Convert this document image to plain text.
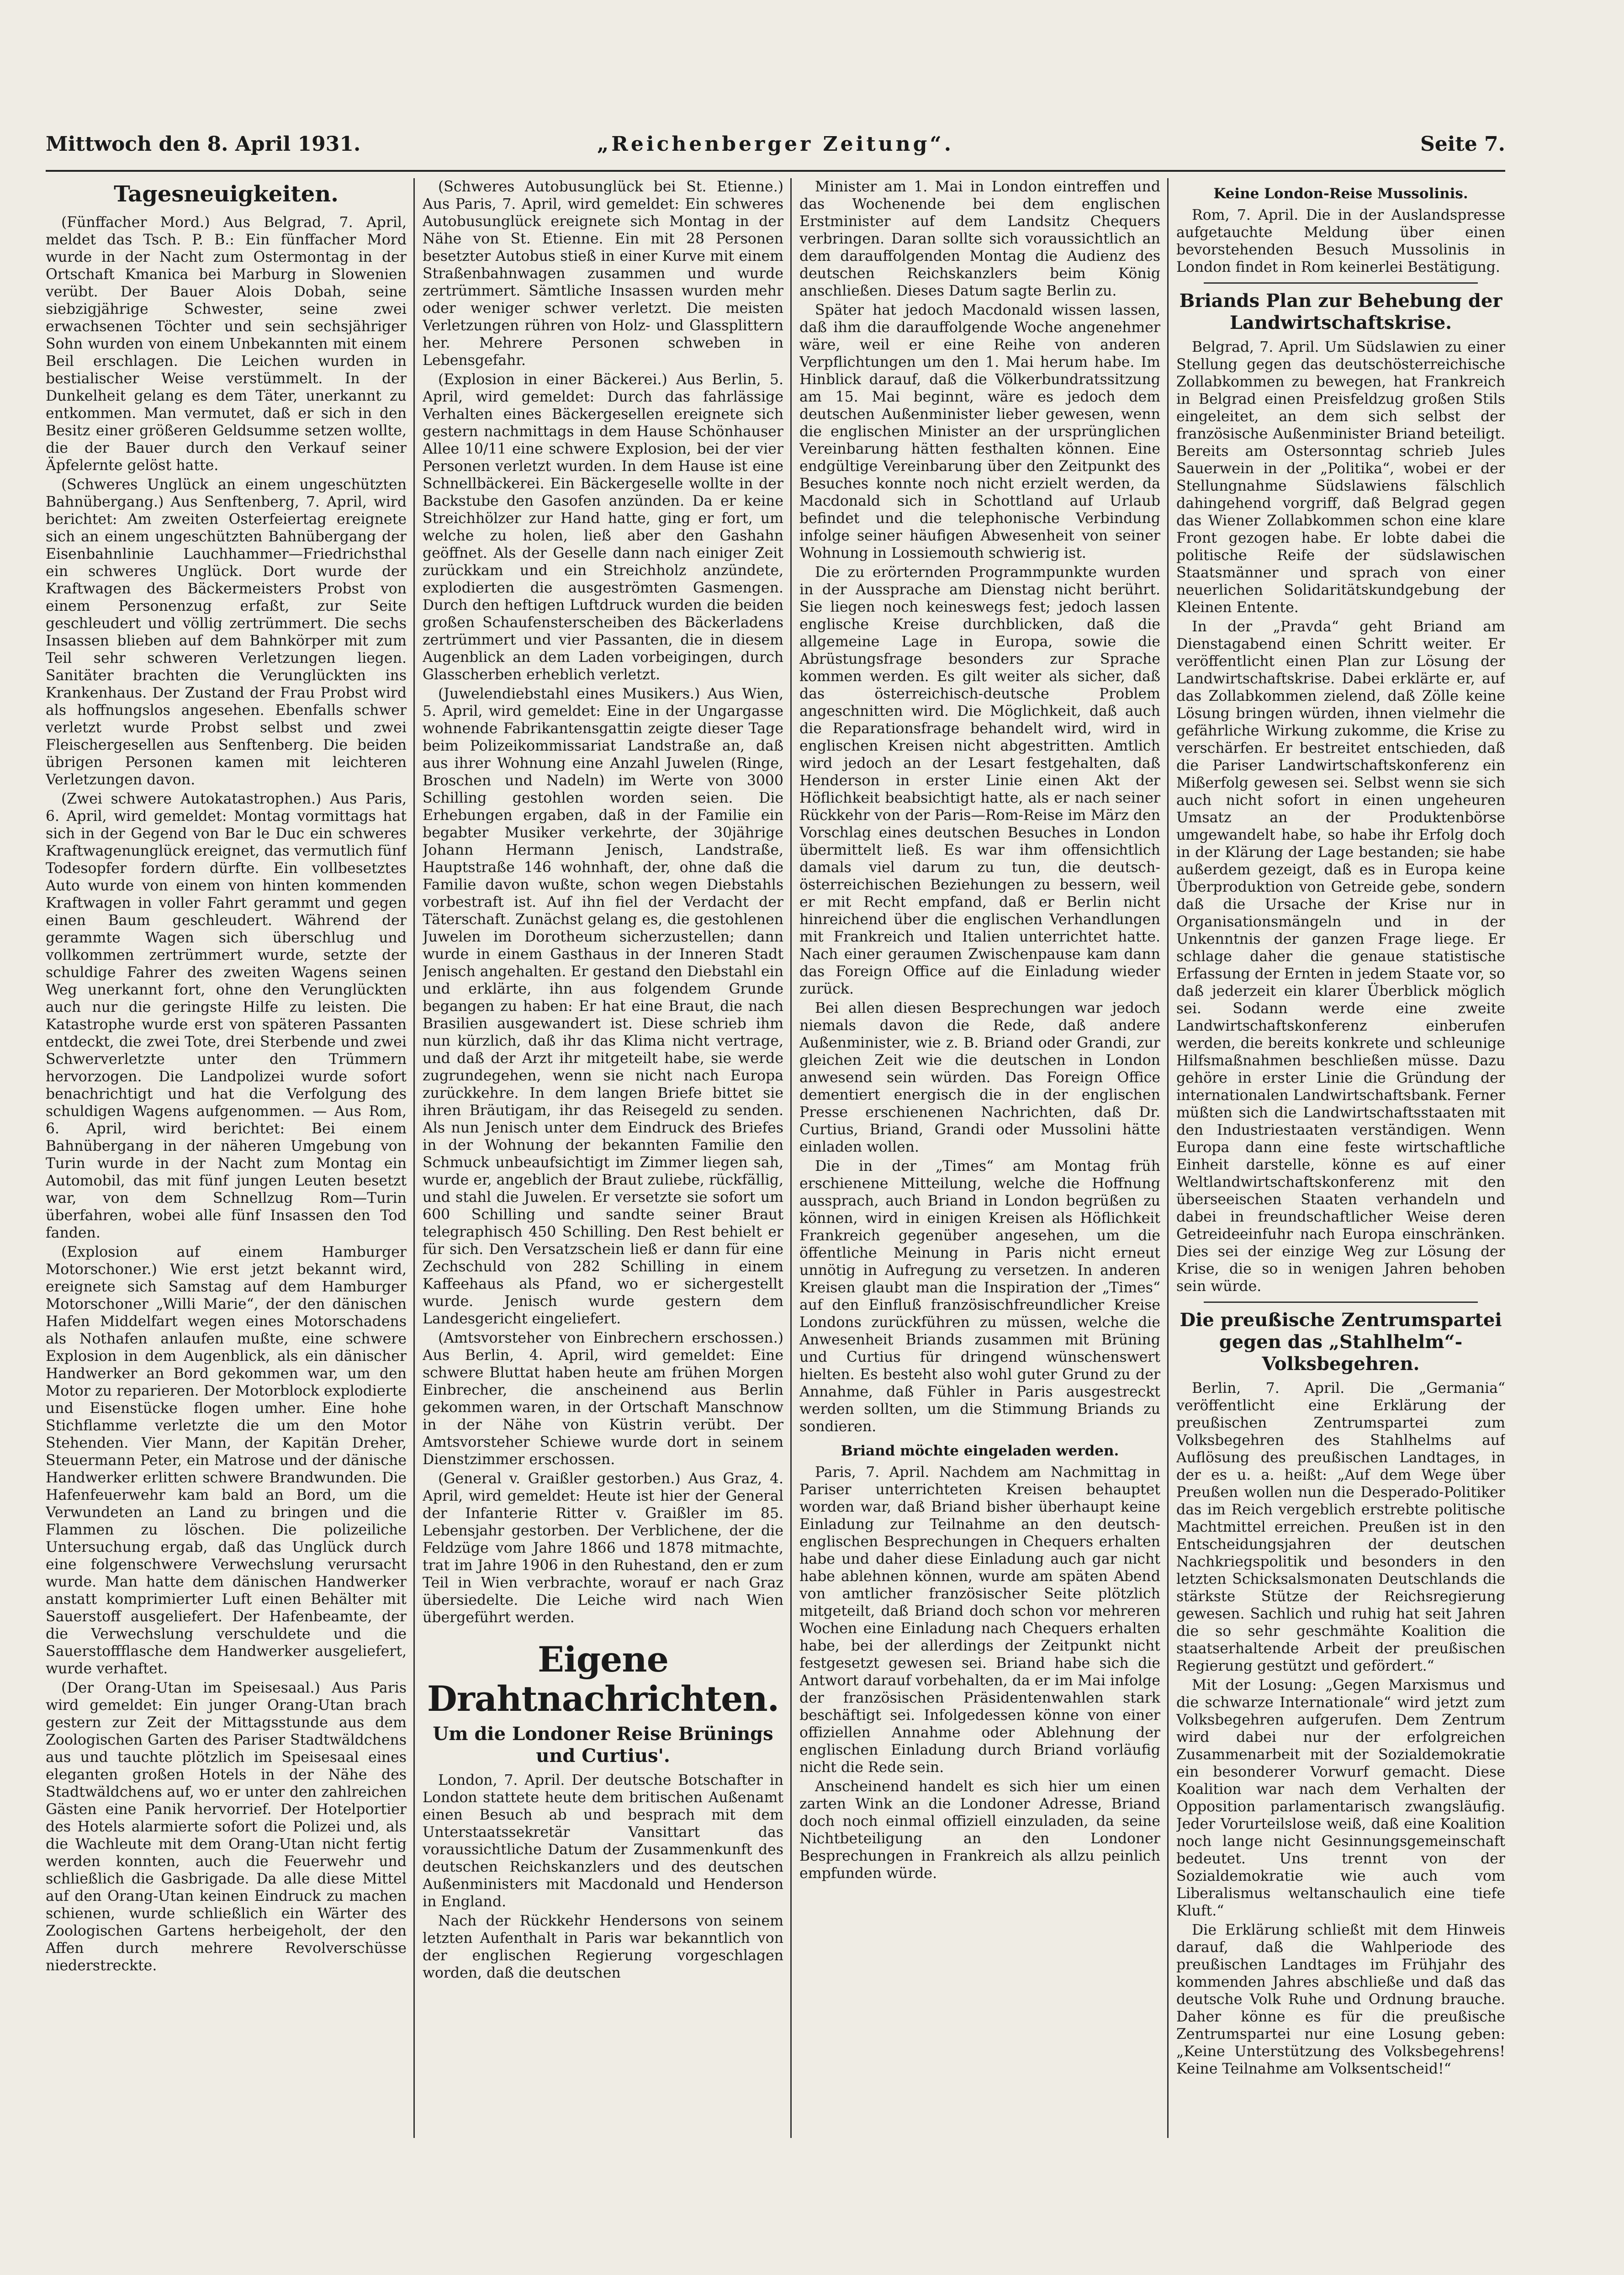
Mittwoch den 8. April 1931.	„Reichenberger Zeitung“.	Seite 7.
Tagesneuigkeiten.

(Fünffacher Mord.) Aus Belgrad, 7. April, meldet das Tsch. P. B.: Ein fünffacher Mord wurde in der Nacht zum Ostermontag in der Ortschaft Kmanica bei Marburg in Slowenien verübt. Der Bauer Alois Dobah, seine siebzigjährige Schwester, seine zwei erwachsenen Töchter und sein sechsjähriger Sohn wurden von einem Unbekannten mit einem Beil erschlagen. Die Leichen wurden in bestialischer Weise verstümmelt. In der Dunkelheit gelang es dem Täter, unerkannt zu entkommen. Man vermutet, daß er sich in den Besitz einer größeren Geldsumme setzen wollte, die der Bauer durch den Verkauf seiner Äpfelernte gelöst hatte.

(Schweres Unglück an einem ungeschützten Bahnübergang.) Aus Senftenberg, 7. April, wird berichtet: Am zweiten Osterfeiertag ereignete sich an einem ungeschützten Bahnübergang der Eisenbahnlinie Lauchhammer—Friedrichsthal ein schweres Unglück. Dort wurde der Kraftwagen des Bäckermeisters Probst von einem Personenzug erfaßt, zur Seite geschleudert und völlig zertrümmert. Die sechs Insassen blieben auf dem Bahnkörper mit zum Teil sehr schweren Verletzungen liegen. Sanitäter brachten die Verunglückten ins Krankenhaus. Der Zustand der Frau Probst wird als hoffnungslos angesehen. Ebenfalls schwer verletzt wurde Probst selbst und zwei Fleischergesellen aus Senftenberg. Die beiden übrigen Personen kamen mit leichteren Verletzungen davon.

(Zwei schwere Autokatastrophen.) Aus Paris, 6. April, wird gemeldet: Montag vormittags hat sich in der Gegend von Bar le Duc ein schweres Kraftwagenunglück ereignet, das vermutlich fünf Todesopfer fordern dürfte. Ein vollbesetztes Auto wurde von einem von hinten kommenden Kraftwagen in voller Fahrt gerammt und gegen einen Baum geschleudert. Während der gerammte Wagen sich überschlug und vollkommen zertrümmert wurde, setzte der schuldige Fahrer des zweiten Wagens seinen Weg unerkannt fort, ohne den Verunglückten auch nur die geringste Hilfe zu leisten. Die Katastrophe wurde erst von späteren Passanten entdeckt, die zwei Tote, drei Sterbende und zwei Schwerverletzte unter den Trümmern hervorzogen. Die Landpolizei wurde sofort benachrichtigt und hat die Verfolgung des schuldigen Wagens aufgenommen. — Aus Rom, 6. April, wird berichtet: Bei einem Bahnübergang in der näheren Umgebung von Turin wurde in der Nacht zum Montag ein Automobil, das mit fünf jungen Leuten besetzt war, von dem Schnellzug Rom—Turin überfahren, wobei alle fünf Insassen den Tod fanden.

(Explosion auf einem Hamburger Motorschoner.) Wie erst jetzt bekannt wird, ereignete sich Samstag auf dem Hamburger Motorschoner „Willi Marie“, der den dänischen Hafen Middelfart wegen eines Motorschadens als Nothafen anlaufen mußte, eine schwere Explosion in dem Augenblick, als ein dänischer Handwerker an Bord gekommen war, um den Motor zu reparieren. Der Motorblock explodierte und Eisenstücke flogen umher. Eine hohe Stichflamme verletzte die um den Motor Stehenden. Vier Mann, der Kapitän Dreher, Steuermann Peter, ein Matrose und der dänische Handwerker erlitten schwere Brandwunden. Die Hafenfeuerwehr kam bald an Bord, um die Verwundeten an Land zu bringen und die Flammen zu löschen. Die polizeiliche Untersuchung ergab, daß das Unglück durch eine folgenschwere Verwechslung verursacht wurde. Man hatte dem dänischen Handwerker anstatt komprimierter Luft einen Behälter mit Sauerstoff ausgeliefert. Der Hafenbeamte, der die Verwechslung verschuldete und die Sauerstoffflasche dem Handwerker ausgeliefert, wurde verhaftet.

(Der Orang-Utan im Speisesaal.) Aus Paris wird gemeldet: Ein junger Orang-Utan brach gestern zur Zeit der Mittagsstunde aus dem Zoologischen Garten des Pariser Stadtwäldchens aus und tauchte plötzlich im Speisesaal eines eleganten großen Hotels in der Nähe des Stadtwäldchens auf, wo er unter den zahlreichen Gästen eine Panik hervorrief. Der Hotelportier des Hotels alarmierte sofort die Polizei und, als die Wachleute mit dem Orang-Utan nicht fertig werden konnten, auch die Feuerwehr und schließlich die Gasbrigade. Da alle diese Mittel auf den Orang-Utan keinen Eindruck zu machen schienen, wurde schließlich ein Wärter des Zoologischen Gartens herbeigeholt, der den Affen durch mehrere Revolverschüsse niederstreckte.

(Schweres Autobusunglück bei St. Etienne.) Aus Paris, 7. April, wird gemeldet: Ein schweres Autobusunglück ereignete sich Montag in der Nähe von St. Etienne. Ein mit 28 Personen besetzter Autobus stieß in einer Kurve mit einem Straßenbahnwagen zusammen und wurde zertrümmert. Sämtliche Insassen wurden mehr oder weniger schwer verletzt. Die meisten Verletzungen rühren von Holz- und Glassplittern her. Mehrere Personen schweben in Lebensgefahr.

(Explosion in einer Bäckerei.) Aus Berlin, 5. April, wird gemeldet: Durch das fahrlässige Verhalten eines Bäckergesellen ereignete sich gestern nachmittags in dem Hause Schönhauser Allee 10/11 eine schwere Explosion, bei der vier Personen verletzt wurden. In dem Hause ist eine Schnellbäckerei. Ein Bäckergeselle wollte in der Backstube den Gasofen anzünden. Da er keine Streichhölzer zur Hand hatte, ging er fort, um welche zu holen, ließ aber den Gashahn geöffnet. Als der Geselle dann nach einiger Zeit zurückkam und ein Streichholz anzündete, explodierten die ausgeströmten Gasmengen. Durch den heftigen Luftdruck wurden die beiden großen Schaufensterscheiben des Bäckerladens zertrümmert und vier Passanten, die in diesem Augenblick an dem Laden vorbeigingen, durch Glasscherben erheblich verletzt.

(Juwelendiebstahl eines Musikers.) Aus Wien, 5. April, wird gemeldet: Eine in der Ungargasse wohnende Fabrikantensgattin zeigte dieser Tage beim Polizeikommissariat Landstraße an, daß aus ihrer Wohnung eine Anzahl Juwelen (Ringe, Broschen und Nadeln) im Werte von 3000 Schilling gestohlen worden seien. Die Erhebungen ergaben, daß in der Familie ein begabter Musiker verkehrte, der 30jährige Johann Hermann Jenisch, Landstraße, Hauptstraße 146 wohnhaft, der, ohne daß die Familie davon wußte, schon wegen Diebstahls vorbestraft ist. Auf ihn fiel der Verdacht der Täterschaft. Zunächst gelang es, die gestohlenen Juwelen im Dorotheum sicherzustellen; dann wurde in einem Gasthaus in der Inneren Stadt Jenisch angehalten. Er gestand den Diebstahl ein und erklärte, ihn aus folgendem Grunde begangen zu haben: Er hat eine Braut, die nach Brasilien ausgewandert ist. Diese schrieb ihm nun kürzlich, daß ihr das Klima nicht vertrage, und daß der Arzt ihr mitgeteilt habe, sie werde zugrundegehen, wenn sie nicht nach Europa zurückkehre. In dem langen Briefe bittet sie ihren Bräutigam, ihr das Reisegeld zu senden. Als nun Jenisch unter dem Eindruck des Briefes in der Wohnung der bekannten Familie den Schmuck unbeaufsichtigt im Zimmer liegen sah, wurde er, angeblich der Braut zuliebe, rückfällig, und stahl die Juwelen. Er versetzte sie sofort um 600 Schilling und sandte seiner Braut telegraphisch 450 Schilling. Den Rest behielt er für sich. Den Versatzschein ließ er dann für eine Zechschuld von 282 Schilling in einem Kaffeehaus als Pfand, wo er sichergestellt wurde. Jenisch wurde gestern dem Landesgericht eingeliefert.

(Amtsvorsteher von Einbrechern erschossen.) Aus Berlin, 4. April, wird gemeldet: Eine schwere Bluttat haben heute am frühen Morgen Einbrecher, die anscheinend aus Berlin gekommen waren, in der Ortschaft Manschnow in der Nähe von Küstrin verübt. Der Amtsvorsteher Schiewe wurde dort in seinem Dienstzimmer erschossen.

(General v. Graißler gestorben.) Aus Graz, 4. April, wird gemeldet: Heute ist hier der General der Infanterie Ritter v. Graißler im 85. Lebensjahr gestorben. Der Verblichene, der die Feldzüge vom Jahre 1866 und 1878 mitmachte, trat im Jahre 1906 in den Ruhestand, den er zum Teil in Wien verbrachte, worauf er nach Graz übersiedelte. Die Leiche wird nach Wien übergeführt werden.

Eigene Drahtnachrichten.
Um die Londoner Reise Brünings und Curtius'.

London, 7. April. Der deutsche Botschafter in London stattete heute dem britischen Außenamt einen Besuch ab und besprach mit dem Unterstaatssekretär Vansittart das voraussichtliche Datum der Zusammenkunft des deutschen Reichskanzlers und des deutschen Außenministers mit Macdonald und Henderson in England.

Nach der Rückkehr Hendersons von seinem letzten Aufenthalt in Paris war bekanntlich von der englischen Regierung vorgeschlagen worden, daß die deutschen

Minister am 1. Mai in London eintreffen und das Wochenende bei dem englischen Erstminister auf dem Landsitz Chequers verbringen. Daran sollte sich voraussichtlich an dem darauffolgenden Montag die Audienz des deutschen Reichskanzlers beim König anschließen. Dieses Datum sagte Berlin zu.

Später hat jedoch Macdonald wissen lassen, daß ihm die darauffolgende Woche angenehmer wäre, weil er eine Reihe von anderen Verpflichtungen um den 1. Mai herum habe. Im Hinblick darauf, daß die Völkerbundratssitzung am 15. Mai beginnt, wäre es jedoch dem deutschen Außenminister lieber gewesen, wenn die englischen Minister an der ursprünglichen Vereinbarung hätten festhalten können. Eine endgültige Vereinbarung über den Zeitpunkt des Besuches konnte noch nicht erzielt werden, da Macdonald sich in Schottland auf Urlaub befindet und die telephonische Verbindung infolge seiner häufigen Abwesenheit von seiner Wohnung in Lossiemouth schwierig ist.

Die zu erörternden Programmpunkte wurden in der Aussprache am Dienstag nicht berührt. Sie liegen noch keineswegs fest; jedoch lassen englische Kreise durchblicken, daß die allgemeine Lage in Europa, sowie die Abrüstungsfrage besonders zur Sprache kommen werden. Es gilt weiter als sicher, daß das österreichisch-deutsche Problem angeschnitten wird. Die Möglichkeit, daß auch die Reparationsfrage behandelt wird, wird in englischen Kreisen nicht abgestritten. Amtlich wird jedoch an der Lesart festgehalten, daß Henderson in erster Linie einen Akt der Höflichkeit beabsichtigt hatte, als er nach seiner Rückkehr von der Paris—Rom-Reise im März den Vorschlag eines deutschen Besuches in London übermittelt ließ. Es war ihm offensichtlich damals viel darum zu tun, die deutsch-österreichischen Beziehungen zu bessern, weil er mit Recht empfand, daß er Berlin nicht hinreichend über die englischen Verhandlungen mit Frankreich und Italien unterrichtet hatte. Nach einer geraumen Zwischenpause kam dann das Foreign Office auf die Einladung wieder zurück.

Bei allen diesen Besprechungen war jedoch niemals davon die Rede, daß andere Außenminister, wie z. B. Briand oder Grandi, zur gleichen Zeit wie die deutschen in London anwesend sein würden. Das Foreign Office dementiert energisch die in der englischen Presse erschienenen Nachrichten, daß Dr. Curtius, Briand, Grandi oder Mussolini hätte einladen wollen.

Die in der „Times“ am Montag früh erschienene Mitteilung, welche die Hoffnung aussprach, auch Briand in London begrüßen zu können, wird in einigen Kreisen als Höflichkeit Frankreich gegenüber angesehen, um die öffentliche Meinung in Paris nicht erneut unnötig in Aufregung zu versetzen. In anderen Kreisen glaubt man die Inspiration der „Times“ auf den Einfluß französischfreundlicher Kreise Londons zurückführen zu müssen, welche die Anwesenheit Briands zusammen mit Brüning und Curtius für dringend wünschenswert hielten. Es besteht also wohl guter Grund zu der Annahme, daß Fühler in Paris ausgestreckt werden sollten, um die Stimmung Briands zu sondieren.

Briand möchte eingeladen werden.

Paris, 7. April. Nachdem am Nachmittag in Pariser unterrichteten Kreisen behauptet worden war, daß Briand bisher überhaupt keine Einladung zur Teilnahme an den deutsch-englischen Besprechungen in Chequers erhalten habe und daher diese Einladung auch gar nicht habe ablehnen können, wurde am späten Abend von amtlicher französischer Seite plötzlich mitgeteilt, daß Briand doch schon vor mehreren Wochen eine Einladung nach Chequers erhalten habe, bei der allerdings der Zeitpunkt nicht festgesetzt gewesen sei. Briand habe sich die Antwort darauf vorbehalten, da er im Mai infolge der französischen Präsidentenwahlen stark beschäftigt sei. Infolgedessen könne von einer offiziellen Annahme oder Ablehnung der englischen Einladung durch Briand vorläufig nicht die Rede sein.

Anscheinend handelt es sich hier um einen zarten Wink an die Londoner Adresse, Briand doch noch einmal offiziell einzuladen, da seine Nichtbeteiligung an den Londoner Besprechungen in Frankreich als allzu peinlich empfunden würde.

Keine London-Reise Mussolinis.

Rom, 7. April. Die in der Auslandspresse aufgetauchte Meldung über einen bevorstehenden Besuch Mussolinis in London findet in Rom keinerlei Bestätigung.

Briands Plan zur Behebung der Landwirtschaftskrise.

Belgrad, 7. April. Um Südslawien zu einer Stellung gegen das deutschösterreichische Zollabkommen zu bewegen, hat Frankreich in Belgrad einen Preisfeldzug großen Stils eingeleitet, an dem sich selbst der französische Außenminister Briand beteiligt. Bereits am Ostersonntag schrieb Jules Sauerwein in der „Politika“, wobei er der Stellungnahme Südslawiens fälschlich dahingehend vorgriff, daß Belgrad gegen das Wiener Zollabkommen schon eine klare Front gezogen habe. Er lobte dabei die politische Reife der südslawischen Staatsmänner und sprach von einer neuerlichen Solidaritätskundgebung der Kleinen Entente.

In der „Pravda“ geht Briand am Dienstagabend einen Schritt weiter. Er veröffentlicht einen Plan zur Lösung der Landwirtschaftskrise. Dabei erklärte er, auf das Zollabkommen zielend, daß Zölle keine Lösung bringen würden, ihnen vielmehr die gefährliche Wirkung zukomme, die Krise zu verschärfen. Er bestreitet entschieden, daß die Pariser Landwirtschaftskonferenz ein Mißerfolg gewesen sei. Selbst wenn sie sich auch nicht sofort in einen ungeheuren Umsatz an der Produktenbörse umgewandelt habe, so habe ihr Erfolg doch in der Klärung der Lage bestanden; sie habe außerdem gezeigt, daß es in Europa keine Überproduktion von Getreide gebe, sondern daß die Ursache der Krise nur in Organisationsmängeln und in der Unkenntnis der ganzen Frage liege. Er schlage daher die genaue statistische Erfassung der Ernten in jedem Staate vor, so daß jederzeit ein klarer Überblick möglich sei. Sodann werde eine zweite Landwirtschaftskonferenz einberufen werden, die bereits konkrete und schleunige Hilfsmaßnahmen beschließen müsse. Dazu gehöre in erster Linie die Gründung der internationalen Landwirtschaftsbank. Ferner müßten sich die Landwirtschaftsstaaten mit den Industriestaaten verständigen. Wenn Europa dann eine feste wirtschaftliche Einheit darstelle, könne es auf einer Weltlandwirtschaftskonferenz mit den überseeischen Staaten verhandeln und dabei in freundschaftlicher Weise deren Getreideeinfuhr nach Europa einschränken. Dies sei der einzige Weg zur Lösung der Krise, die so in wenigen Jahren behoben sein würde.

Die preußische Zentrumspartei gegen das „Stahlhelm“-Volksbegehren.

Berlin, 7. April. Die „Germania“ veröffentlicht eine Erklärung der preußischen Zentrumspartei zum Volksbegehren des Stahlhelms auf Auflösung des preußischen Landtages, in der es u. a. heißt: „Auf dem Wege über Preußen wollen nun die Desperado-Politiker das im Reich vergeblich erstrebte politische Machtmittel erreichen. Preußen ist in den Entscheidungsjahren der deutschen Nachkriegspolitik und besonders in den letzten Schicksalsmonaten Deutschlands die stärkste Stütze der Reichsregierung gewesen. Sachlich und ruhig hat seit Jahren die so sehr geschmähte Koalition die staatserhaltende Arbeit der preußischen Regierung gestützt und gefördert.“

Mit der Losung: „Gegen Marxismus und die schwarze Internationale“ wird jetzt zum Volksbegehren aufgerufen. Dem Zentrum wird dabei nur der erfolgreichen Zusammenarbeit mit der Sozialdemokratie ein besonderer Vorwurf gemacht. Diese Koalition war nach dem Verhalten der Opposition parlamentarisch zwangsläufig. Jeder Vorurteilslose weiß, daß eine Koalition noch lange nicht Gesinnungsgemeinschaft bedeutet. Uns trennt von der Sozialdemokratie wie auch vom Liberalismus weltanschaulich eine tiefe Kluft.“

Die Erklärung schließt mit dem Hinweis darauf, daß die Wahlperiode des preußischen Landtages im Frühjahr des kommenden Jahres abschließe und daß das deutsche Volk Ruhe und Ordnung brauche. Daher könne es für die preußische Zentrumspartei nur eine Losung geben: „Keine Unterstützung des Volksbegehrens! Keine Teilnahme am Volksentscheid!“
